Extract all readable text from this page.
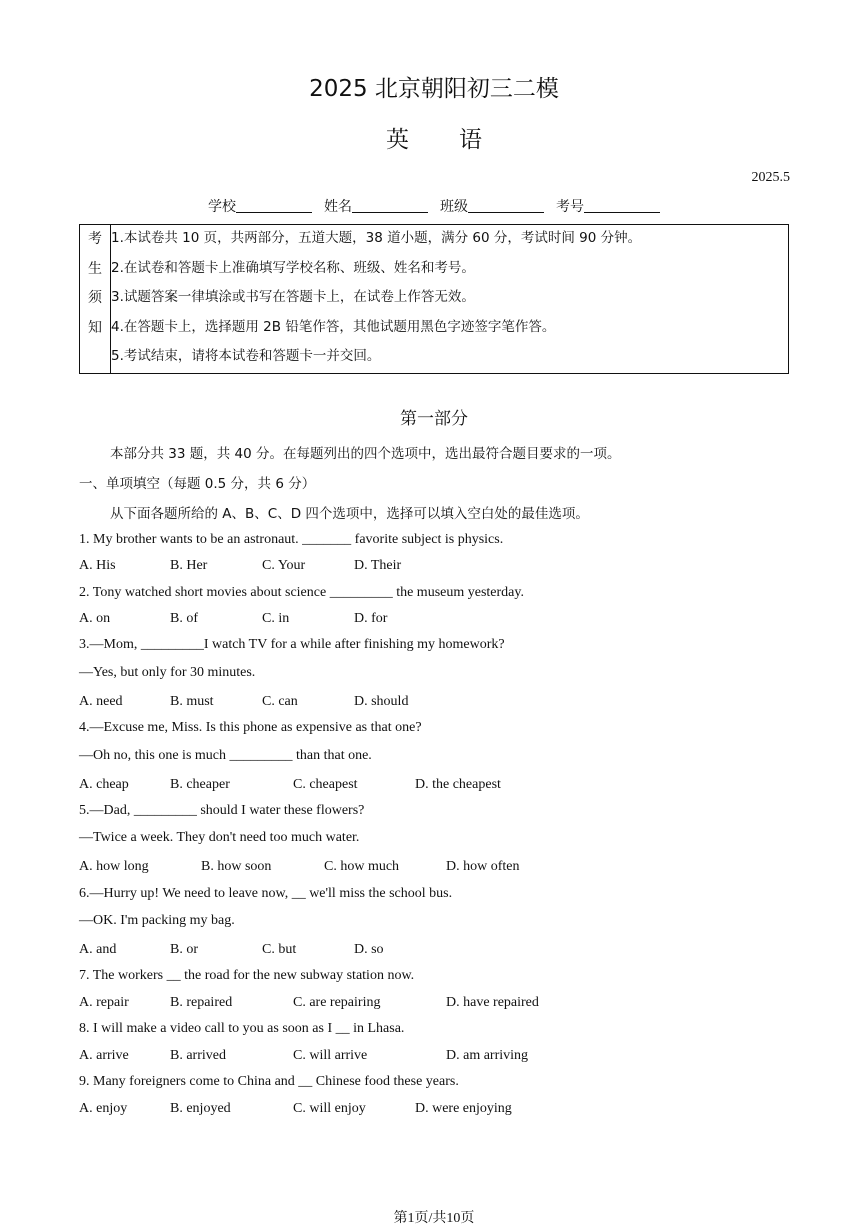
2025 北京朝阳初三二模
英 语
2025.5
学校	姓名	班级	考号
考
生
须
知
1.本试卷共 10 页，共两部分，五道大题，38 道小题，满分 60 分，考试时间 90 分钟。
2.在试卷和答题卡上准确填写学校名称、班级、姓名和考号。
3.试题答案一律填涂或书写在答题卡上，在试卷上作答无效。
4.在答题卡上，选择题用 2B 铅笔作答，其他试题用黑色字迹签字笔作答。
5.考试结束，请将本试卷和答题卡一并交回。
第一部分
本部分共 33 题，共 40 分。在每题列出的四个选项中，选出最符合题目要求的一项。
一、单项填空（每题 0.5 分，共 6 分）
从下面各题所给的 A、B、C、D 四个选项中，选择可以填入空白处的最佳选项。
1. My brother wants to be an astronaut. _______ favorite subject is physics.
A. His	B. Her	C. Your	D. Their
2. Tony watched short movies about science _________ the museum yesterday.
A. on	B. of	C. in	D. for
3.—Mom, _________I watch TV for a while after finishing my homework?
—Yes, but only for 30 minutes.
A. need	B. must	C. can	D. should
4.—Excuse me, Miss. Is this phone as expensive as that one?
—Oh no, this one is much _________ than that one.
A. cheap	B. cheaper	C. cheapest	D. the cheapest
5.—Dad, _________ should I water these flowers?
—Twice a week. They don't need too much water.
A. how long	B. how soon	C. how much	D. how often
6.—Hurry up! We need to leave now, __ we'll miss the school bus.
—OK. I'm packing my bag.
A. and	B. or	C. but	D. so
7. The workers __ the road for the new subway station now.
A. repair	B. repaired	C. are repairing	D. have repaired
8. I will make a video call to you as soon as I __ in Lhasa.
A. arrive	B. arrived	C. will arrive	D. am arriving
9. Many foreigners come to China and __ Chinese food these years.
A. enjoy	B. enjoyed	C. will enjoy	D. were enjoying
第1页/共10页
